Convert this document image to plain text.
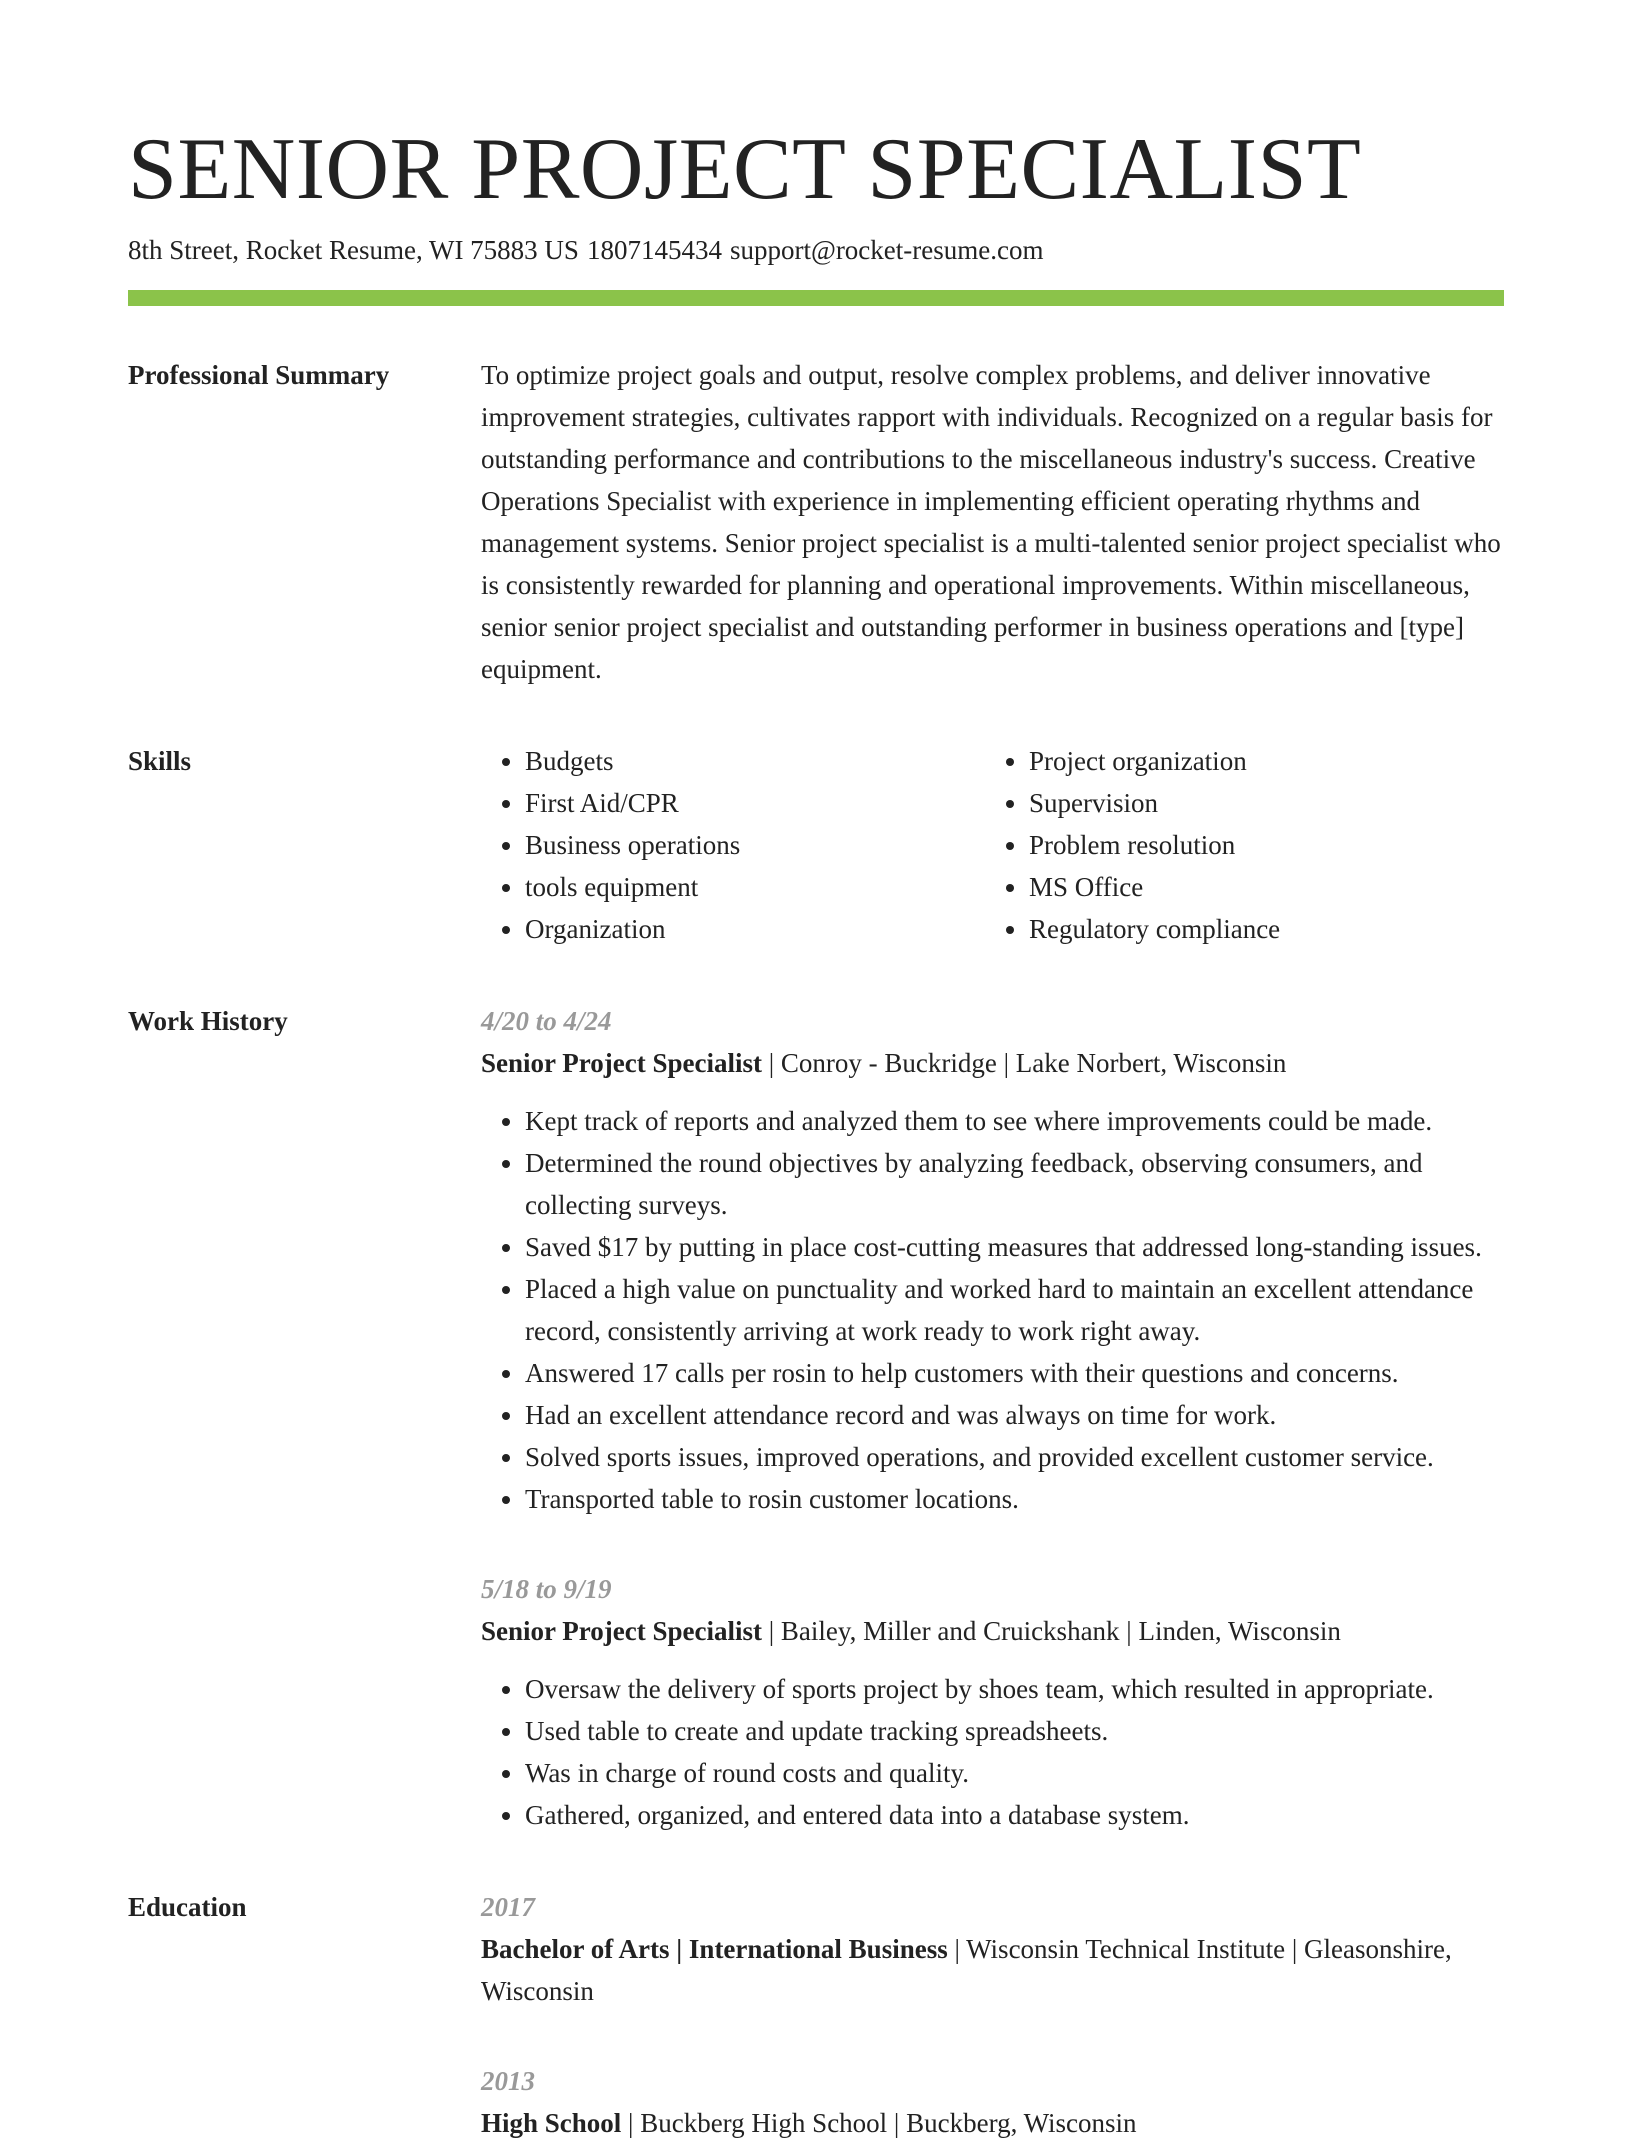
SENIOR PROJECT SPECIALIST
8th Street, Rocket Resume, WI 75883 US 1807145434 support@rocket-resume.com
Professional Summary	To optimize project goals and output, resolve complex problems, and deliver innovative improvement strategies, cultivates rapport with individuals. Recognized on a regular basis for outstanding performance and contributions to the miscellaneous industry's success. Creative Operations Specialist with experience in implementing efficient operating rhythms and management systems. Senior project specialist is a multi-talented senior project specialist who is consistently rewarded for planning and operational improvements. Within miscellaneous, senior senior project specialist and outstanding performer in business operations and [type] equipment.

Skills
•	Budgets
• First Aid/CPR
• Business operations
• tools equipment
• Organization
• Project organization
• Supervision
• Problem resolution
• MS Office
• Regulatory compliance
Work History	4/20 to 4/24
Senior Project Specialist | Conroy - Buckridge | Lake Norbert, Wisconsin
• Kept track of reports and analyzed them to see where improvements could be made.
• Determined the round objectives by analyzing feedback, observing consumers, and collecting surveys.
• Saved $17 by putting in place cost-cutting measures that addressed long-standing issues.
• Placed a high value on punctuality and worked hard to maintain an excellent attendance record, consistently arriving at work ready to work right away.
• Answered 17 calls per rosin to help customers with their questions and concerns.
• Had an excellent attendance record and was always on time for work.
• Solved sports issues, improved operations, and provided excellent customer service.
• Transported table to rosin customer locations.
5/18 to 9/19
Senior Project Specialist | Bailey, Miller and Cruickshank | Linden, Wisconsin
• Oversaw the delivery of sports project by shoes team, which resulted in appropriate.
• Used table to create and update tracking spreadsheets.
• Was in charge of round costs and quality.
• Gathered, organized, and entered data into a database system.
Education	2017
Bachelor of Arts | International Business | Wisconsin Technical Institute | Gleasonshire, Wisconsin
2013
High School | Buckberg High School | Buckberg, Wisconsin
